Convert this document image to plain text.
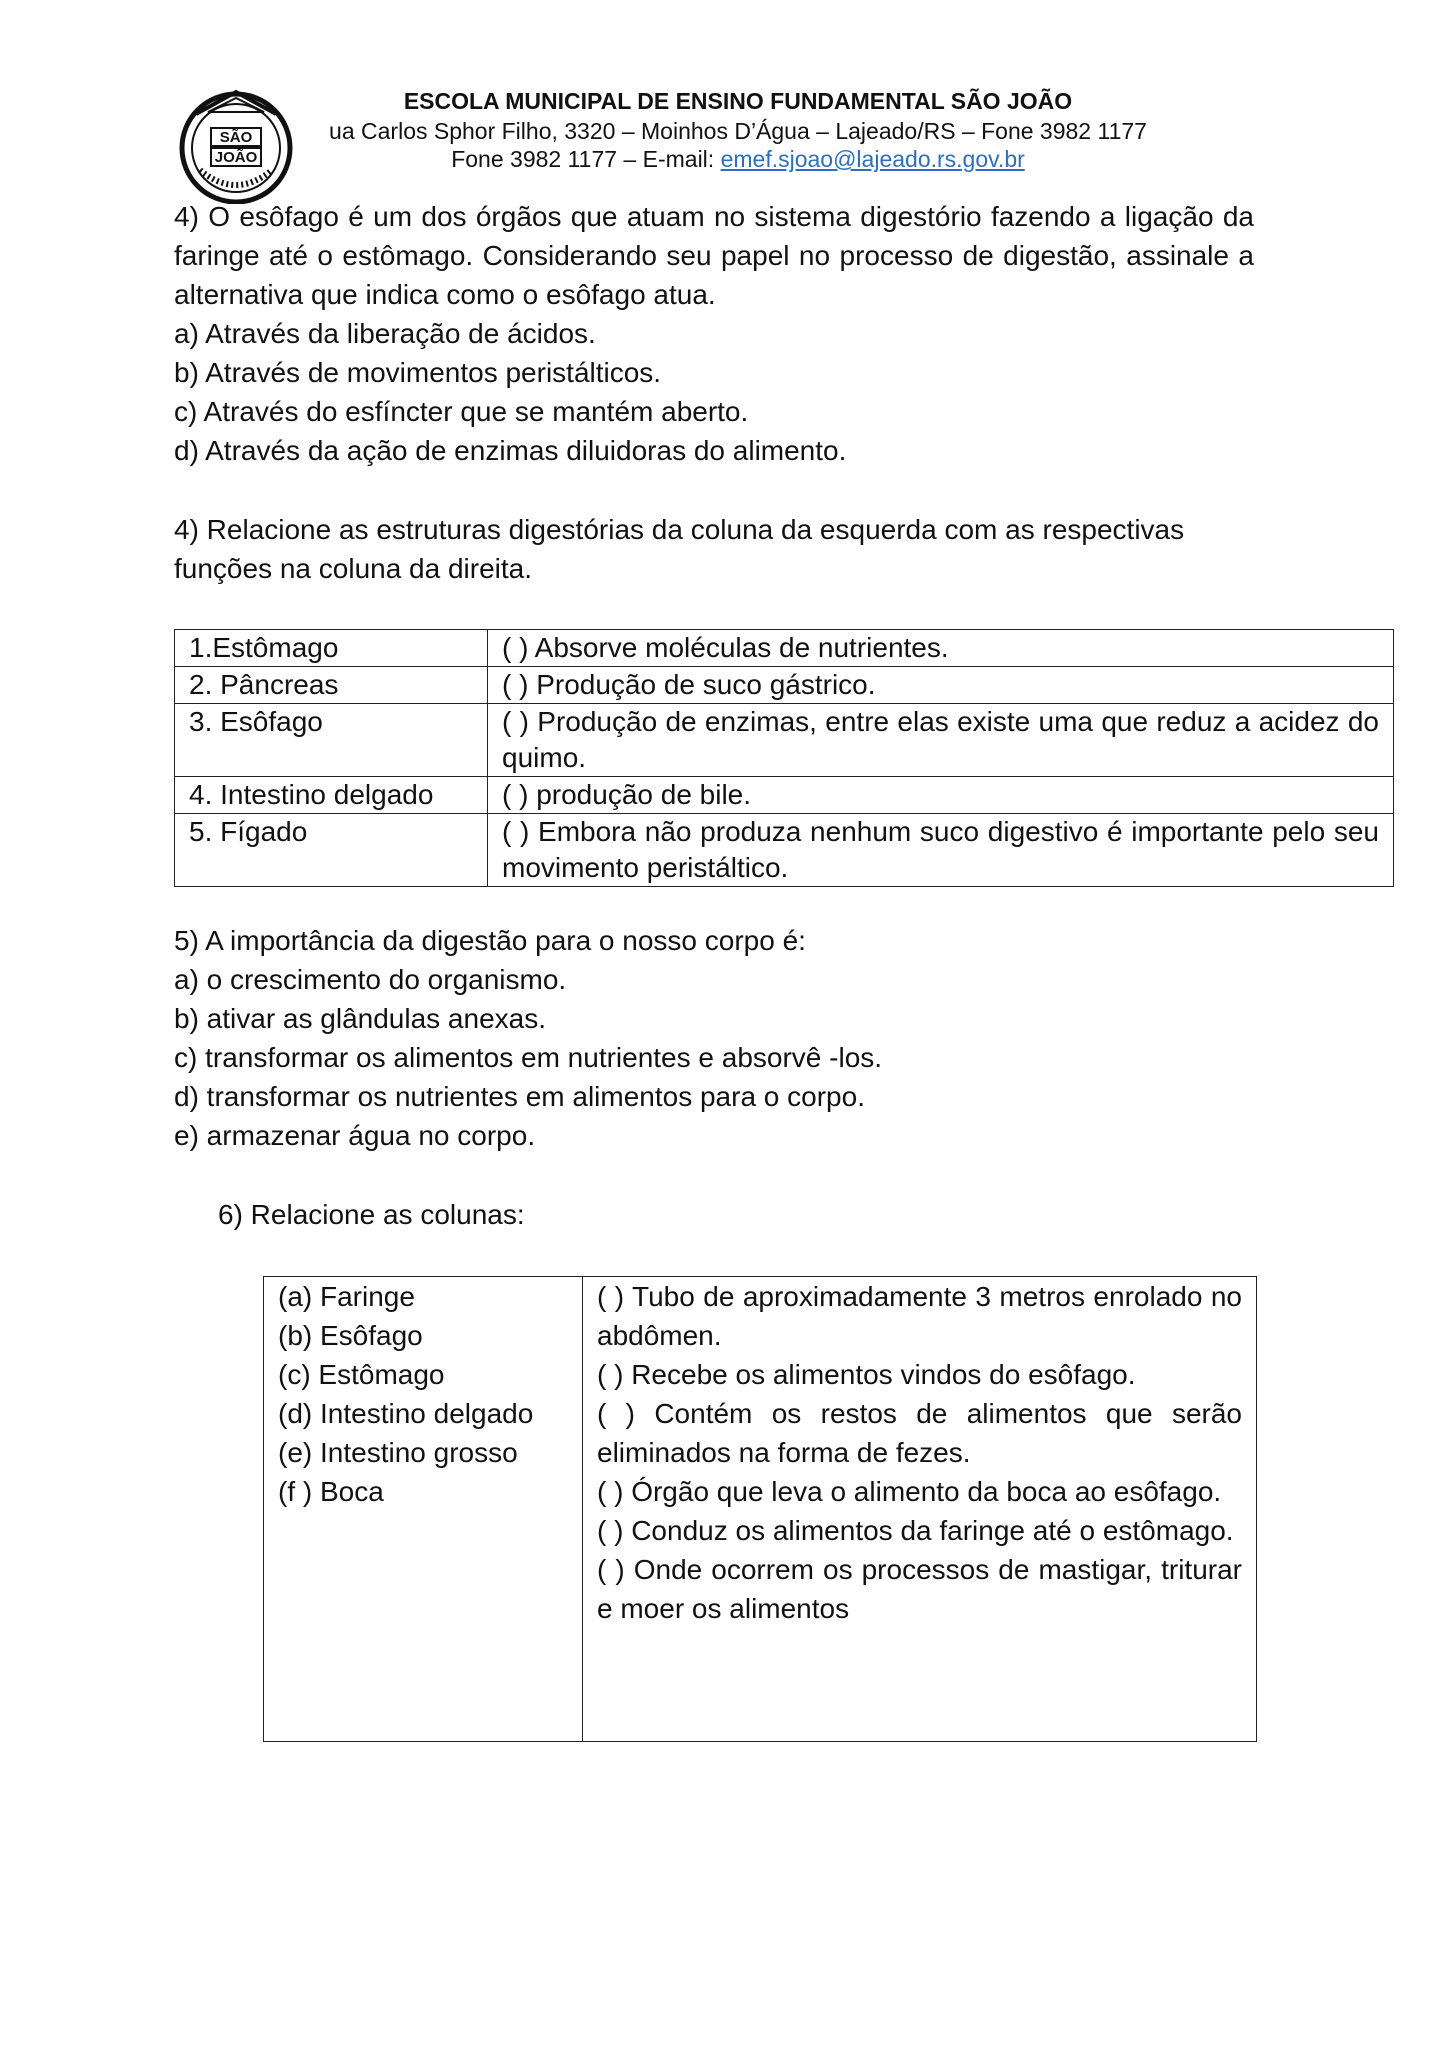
SÃO
JOÃO
ESCOLA MUNICIPAL DE ENSINO FUNDAMENTAL SÃO JOÃO
ua Carlos Sphor Filho, 3320 – Moinhos D’Água – Lajeado/RS – Fone 3982 1177
Fone 3982 1177 – E-mail: emef.sjoao@lajeado.rs.gov.br
4) O esôfago é um dos órgãos que atuam no sistema digestório fazendo a ligação da faringe até o estômago. Considerando seu papel no processo de digestão, assinale a alternativa que indica como o esôfago atua.
a) Através da liberação de ácidos.
b) Através de movimentos peristálticos.
c) Através do esfíncter que se mantém aberto.
d) Através da ação de enzimas diluidoras do alimento.
4) Relacione as estruturas digestórias da coluna da esquerda com as respectivas funções na coluna da direita.
1.Estômago	( ) Absorve moléculas de nutrientes.
2. Pâncreas	( ) Produção de suco gástrico.
3. Esôfago	( ) Produção de enzimas, entre elas existe uma que reduz a acidez do quimo.
4. Intestino delgado	( ) produção de bile.
5. Fígado	( ) Embora não produza nenhum suco digestivo é importante pelo seu movimento peristáltico.
5) A importância da digestão para o nosso corpo é:
a) o crescimento do organismo.
b) ativar as glândulas anexas.
c) transformar os alimentos em nutrientes e absorvê -los.
d) transformar os nutrientes em alimentos para o corpo.
e) armazenar água no corpo.
6) Relacione as colunas:
(a) Faringe
(b) Esôfago
(c) Estômago
(d) Intestino delgado
(e) Intestino grosso
(f ) Boca

( ) Tubo de aproximadamente 3 metros enrolado no abdômen.
( ) Recebe os alimentos vindos do esôfago.
( ) Contém os restos de alimentos que serão eliminados na forma de fezes.
( ) Órgão que leva o alimento da boca ao esôfago.
( ) Conduz os alimentos da faringe até o estômago.
( ) Onde ocorrem os processos de mastigar, triturar e moer os alimentos
